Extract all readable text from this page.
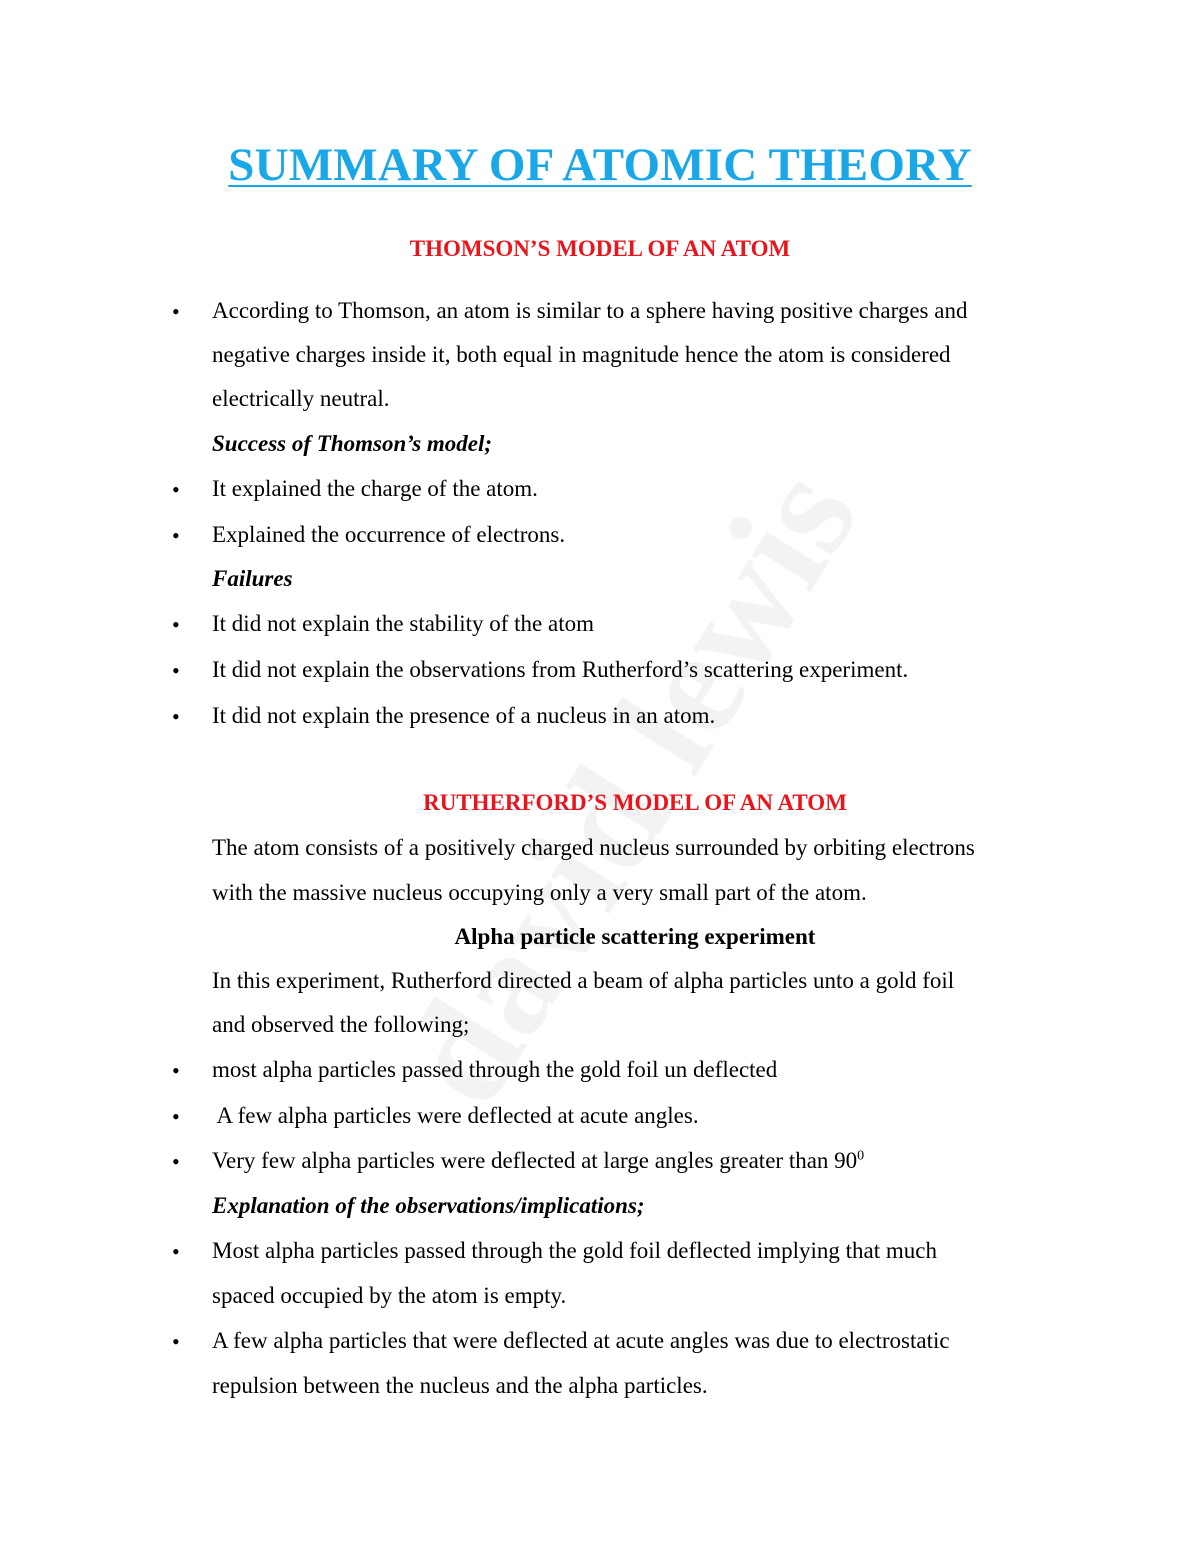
SUMMARY OF ATOMIC THEORY
THOMSON’S MODEL OF AN ATOM
• According to Thomson, an atom is similar to a sphere having positive charges and

negative charges inside it, both equal in magnitude hence the atom is considered

electrically neutral.

Success of Thomson’s model;

• It explained the charge of the atom.

• Explained the occurrence of electrons.

Failures

• It did not explain the stability of the atom

• It did not explain the observations from Rutherford’s scattering experiment.

• It did not explain the presence of a nucleus in an atom.

RUTHERFORD’S MODEL OF AN ATOM

The atom consists of a positively charged nucleus surrounded by orbiting electrons

with the massive nucleus occupying only a very small part of the atom.

Alpha particle scattering experiment

In this experiment, Rutherford directed a beam of alpha particles unto a gold foil

and observed the following;

• most alpha particles passed through the gold foil un deflected

• A few alpha particles were deflected at acute angles.

• Very few alpha particles were deflected at large angles greater than $90^0$

Explanation of the observations/implications;

• Most alpha particles passed through the gold foil deflected implying that much

spaced occupied by the atom is empty.

• A few alpha particles that were deflected at acute angles was due to electrostatic

repulsion between the nucleus and the alpha particles.
